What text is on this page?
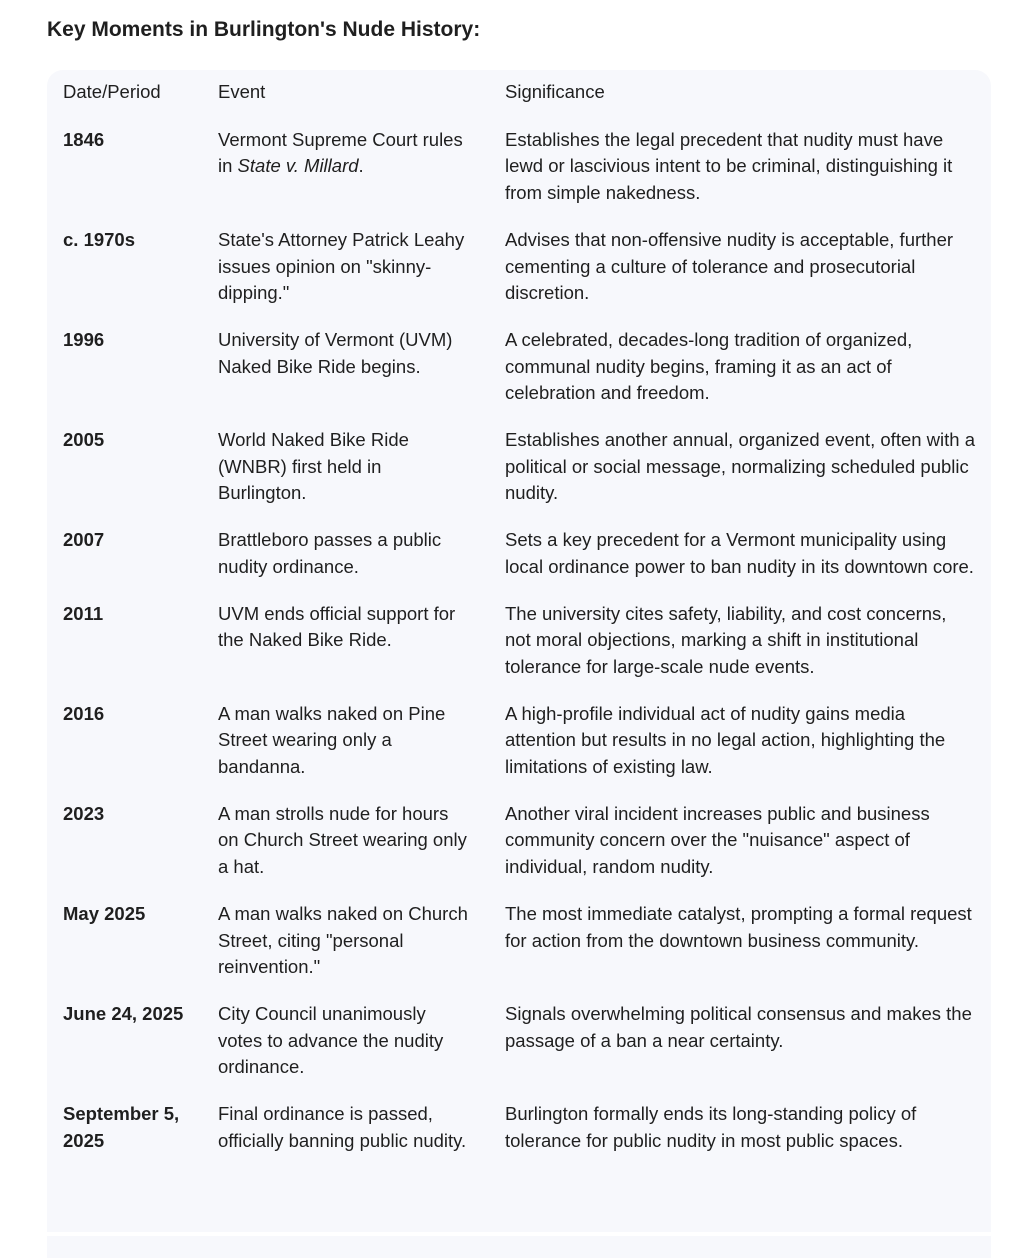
Key Moments in Burlington's Nude History:
Date/Period	Event	Significance
1846	Vermont Supreme Court rules in State v. Millard.	Establishes the legal precedent that nudity must have lewd or lascivious intent to be criminal, distinguishing it from simple nakedness.
c. 1970s	State's Attorney Patrick Leahy issues opinion on "skinny-dipping."	Advises that non-offensive nudity is acceptable, further cementing a culture of tolerance and prosecutorial discretion.
1996	University of Vermont (UVM) Naked Bike Ride begins.	A celebrated, decades-long tradition of organized, communal nudity begins, framing it as an act of celebration and freedom.
2005	World Naked Bike Ride (WNBR) first held in Burlington.	Establishes another annual, organized event, often with a political or social message, normalizing scheduled public nudity.
2007	Brattleboro passes a public nudity ordinance.	Sets a key precedent for a Vermont municipality using local ordinance power to ban nudity in its downtown core.
2011	UVM ends official support for the Naked Bike Ride.	The university cites safety, liability, and cost concerns, not moral objections, marking a shift in institutional tolerance for large-scale nude events.
2016	A man walks naked on Pine Street wearing only a bandanna.	A high-profile individual act of nudity gains media attention but results in no legal action, highlighting the limitations of existing law.
2023	A man strolls nude for hours on Church Street wearing only a hat.	Another viral incident increases public and business community concern over the "nuisance" aspect of individual, random nudity.
May 2025	A man walks naked on Church Street, citing "personal reinvention."	The most immediate catalyst, prompting a formal request for action from the downtown business community.
June 24, 2025	City Council unanimously votes to advance the nudity ordinance.	Signals overwhelming political consensus and makes the passage of a ban a near certainty.
September 5, 2025	Final ordinance is passed, officially banning public nudity.	Burlington formally ends its long-standing policy of tolerance for public nudity in most public spaces.
